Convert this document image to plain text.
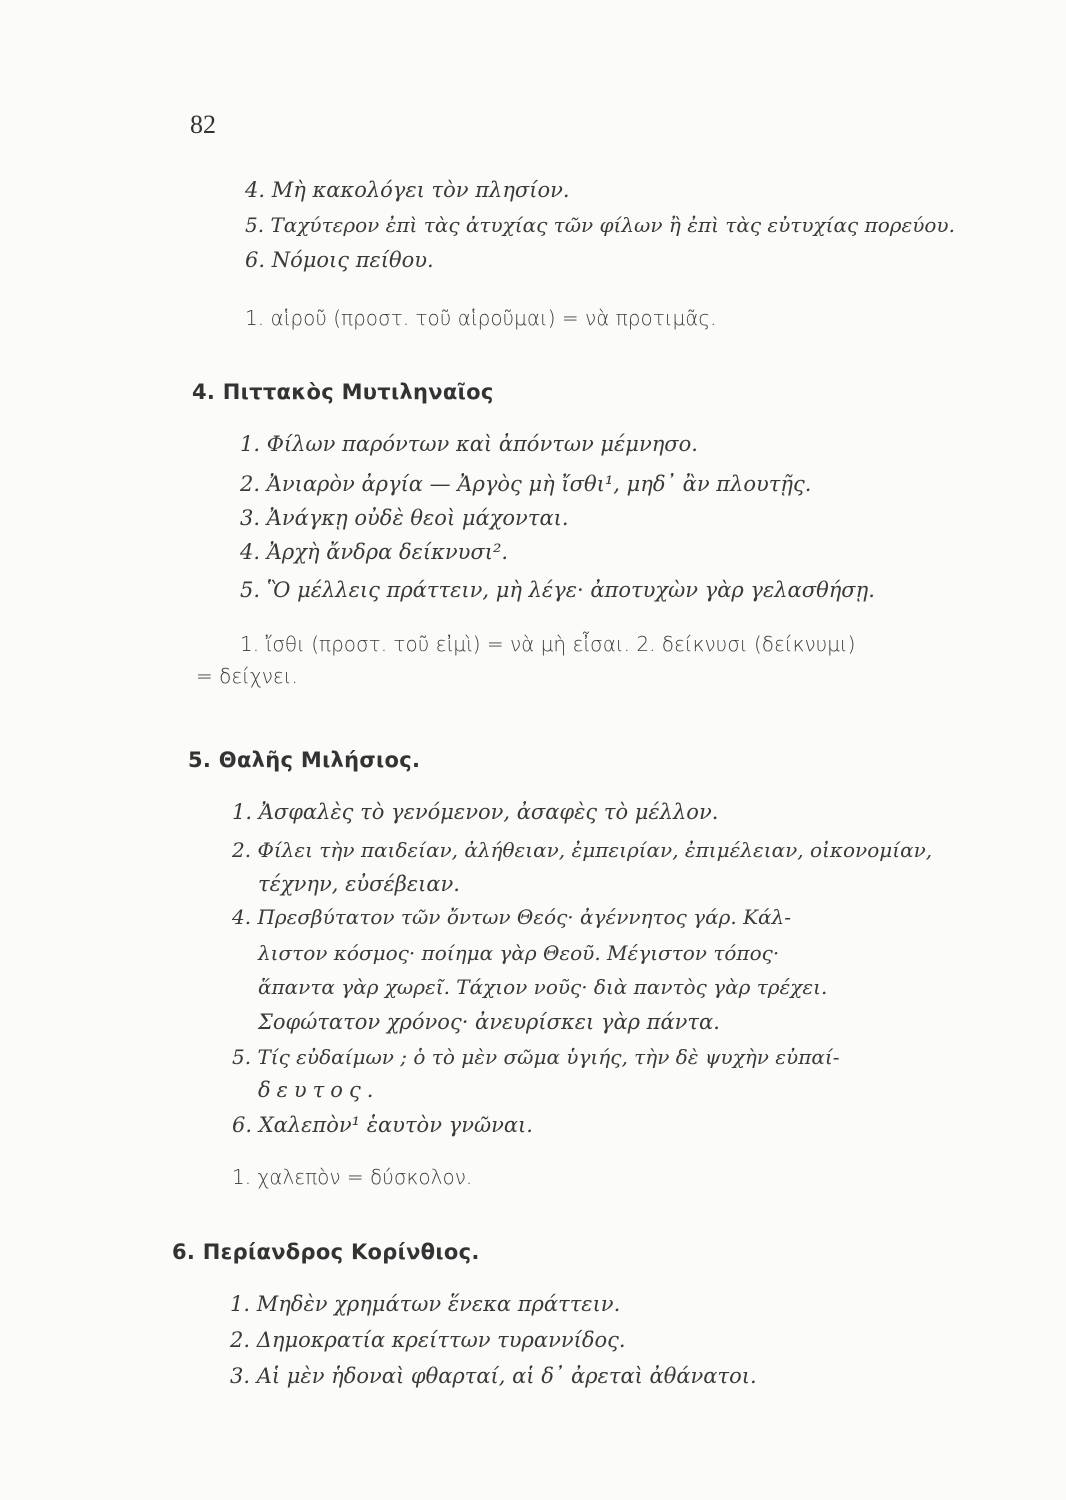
82
4. Μὴ κακολόγει τὸν πλησίον.
5. Ταχύτερον ἐπὶ τὰς ἀτυχίας τῶν φίλων ἢ ἐπὶ τὰς εὐτυχίας πορεύου.
6. Νόμοις πείθου.
1. αἱροῦ (προστ. τοῦ αἱροῦμαι) = νὰ προτιμᾶς.
4. Πιττακὸς Μυτιληναῖος
1. Φίλων παρόντων καὶ ἀπόντων μέμνησο.
2. Ἀνιαρὸν ἀργία — Ἀργὸς μὴ ἴσθι¹, μηδ᾽ ἂν πλουτῇς.
3. Ἀνάγκῃ οὐδὲ θεοὶ μάχονται.
4. Ἀρχὴ ἄνδρα δείκνυσι².
5. Ὃ μέλλεις πράττειν, μὴ λέγε· ἀποτυχὼν γὰρ γελασθήσῃ.
1. ἴσθι (προστ. τοῦ εἰμὶ) = νὰ μὴ εἶσαι. 2. δείκνυσι (δείκνυμι)
= δείχνει.
5. Θαλῆς Μιλήσιος.
1. Ἀσφαλὲς τὸ γενόμενον, ἀσαφὲς τὸ μέλλον.
2. Φίλει τὴν παιδείαν, ἀλήθειαν, ἐμπειρίαν, ἐπιμέλειαν, οἰκονομίαν,
τέχνην, εὐσέβειαν.
4. Πρεσβύτατον τῶν ὄντων Θεός· ἀγέννητος γάρ. Κάλ-
λιστον κόσμος· ποίημα γὰρ Θεοῦ. Μέγιστον τόπος·
ἅπαντα γὰρ χωρεῖ. Τάχιον νοῦς· διὰ παντὸς γὰρ τρέχει.
Σοφώτατον χρόνος· ἀνευρίσκει γὰρ πάντα.
5. Τίς εὐδαίμων ; ὁ τὸ μὲν σῶμα ὑγιής, τὴν δὲ ψυχὴν εὐπαί-
δευτος.
6. Χαλεπὸν¹ ἑαυτὸν γνῶναι.
1. χαλεπὸν = δύσκολον.
6. Περίανδρος Κορίνθιος.
1. Μηδὲν χρημάτων ἕνεκα πράττειν.
2. Δημοκρατία κρείττων τυραννίδος.
3. Αἱ μὲν ἡδοναὶ φθαρταί, αἱ δ᾽ ἀρεταὶ ἀθάνατοι.
